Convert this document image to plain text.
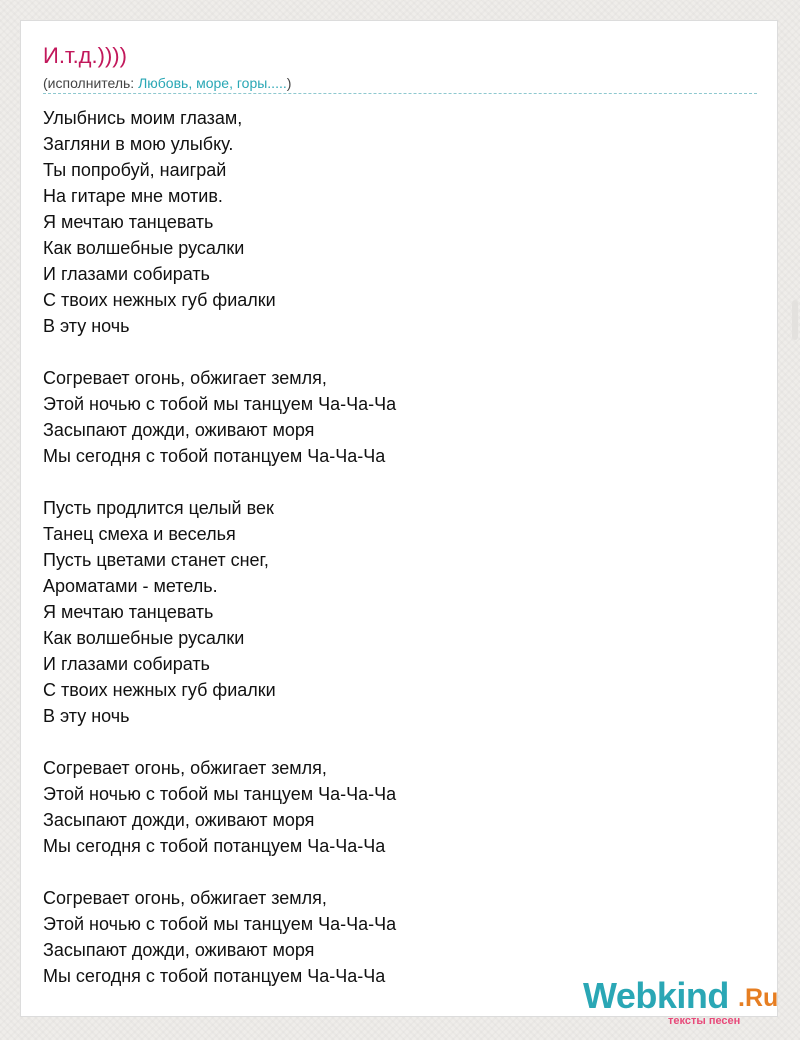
И.т.д.))))
(исполнитель: Любовь, море, горы.....)
Улыбнись моим глазам,
Загляни в мою улыбку.
Ты попробуй, наиграй
На гитаре мне мотив.
Я мечтаю танцевать
Как волшебные русалки
И глазами собирать
С твоих нежных губ фиалки
В эту ночь
Согревает огонь, обжигает земля,
Этой ночью с тобой мы танцуем Ча-Ча-Ча
Засыпают дожди, оживают моря
Мы сегодня с тобой потанцуем Ча-Ча-Ча
Пусть продлится целый век
Танец смеха и веселья
Пусть цветами станет снег,
Ароматами - метель.
Я мечтаю танцевать
Как волшебные русалки
И глазами собирать
С твоих нежных губ фиалки
В эту ночь
Согревает огонь, обжигает земля,
Этой ночью с тобой мы танцуем Ча-Ча-Ча
Засыпают дожди, оживают моря
Мы сегодня с тобой потанцуем Ча-Ча-Ча
Согревает огонь, обжигает земля,
Этой ночью с тобой мы танцуем Ча-Ча-Ча
Засыпают дожди, оживают моря
Мы сегодня с тобой потанцуем Ча-Ча-Ча	Webkind .Ru
тексты песен
